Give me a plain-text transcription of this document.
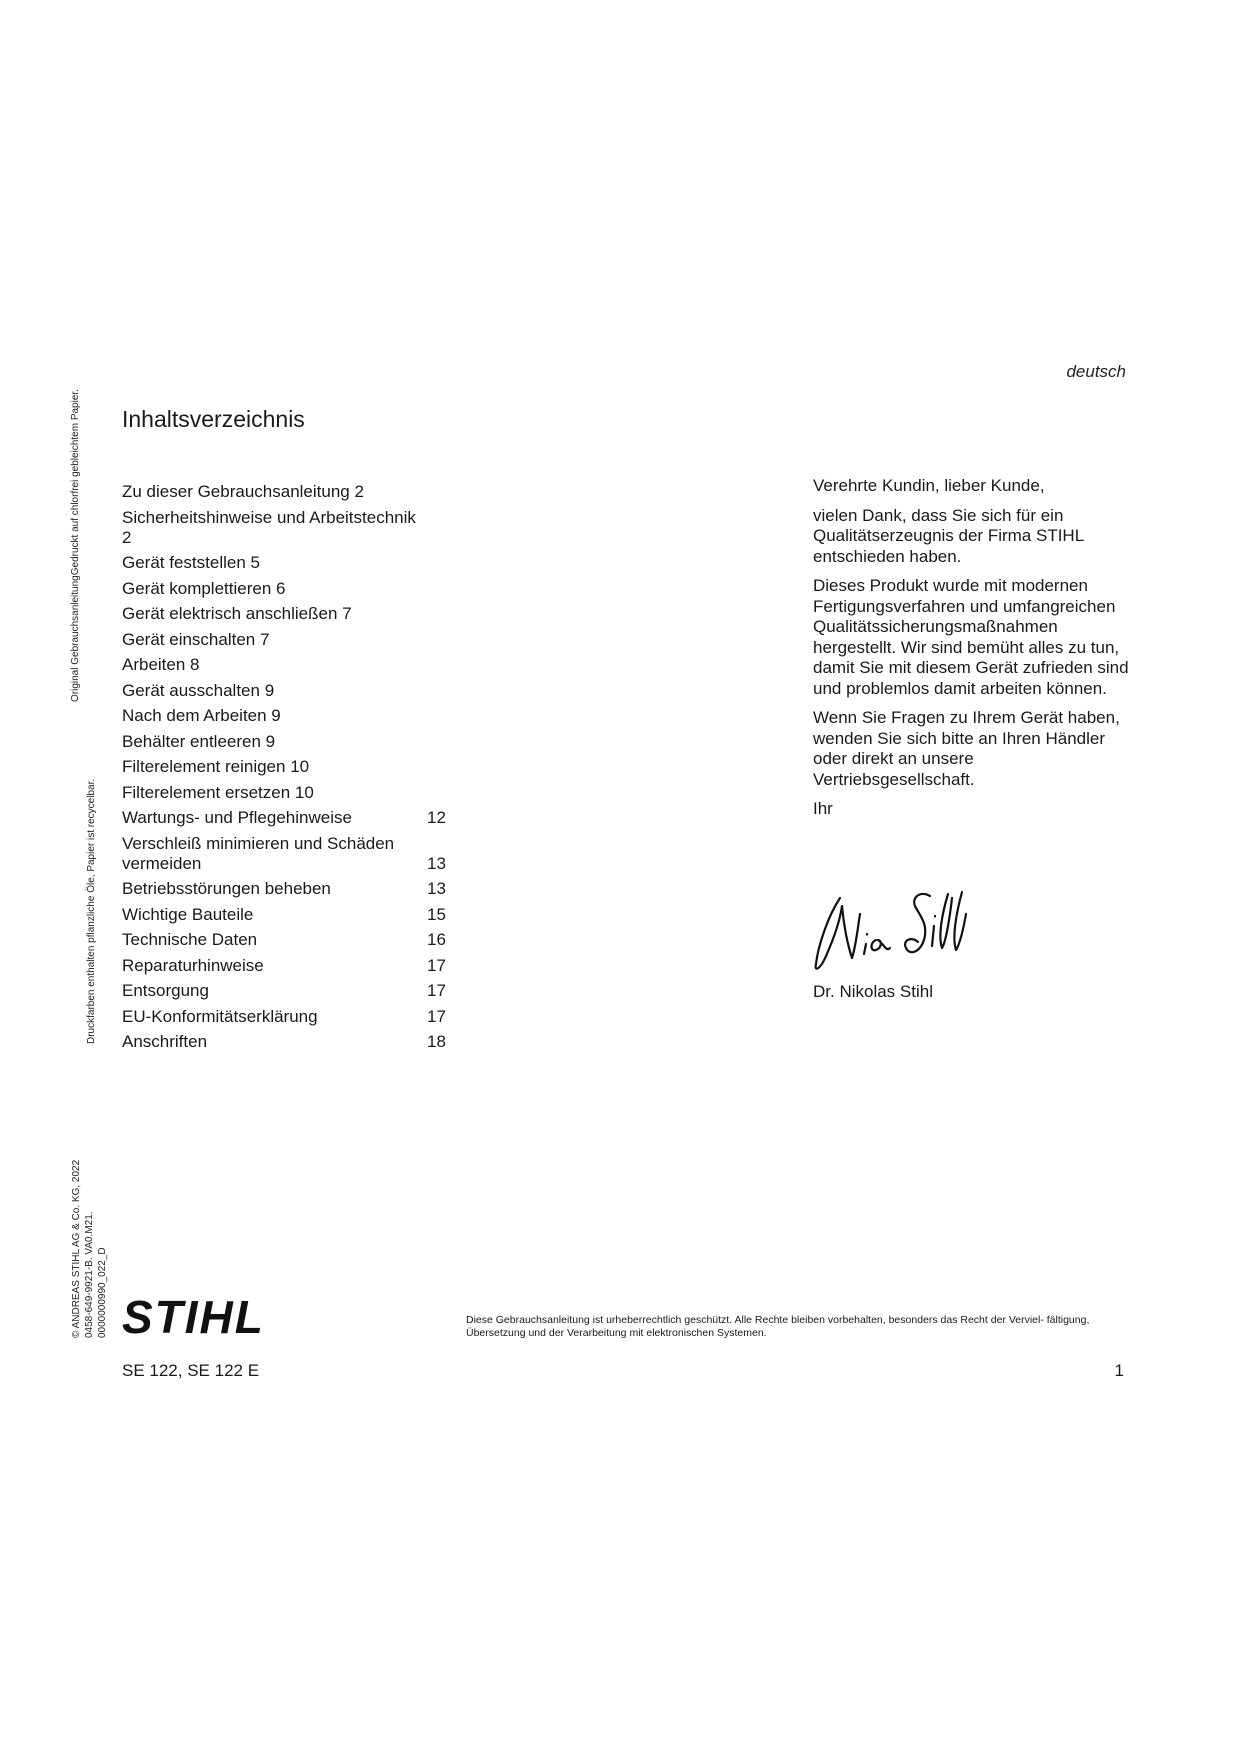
Original GebrauchsanleitungGedruckt auf chlorfrei gebleichtem Papier.
Druckfarben enthalten pflanzliche Öle, Papier ist recycelbar.
© ANDREAS STIHL AG & Co. KG, 2022 0458-649-9921-B. VA0.M21. 0000000990_022_D
deutsch
Inhaltsverzeichnis
Zu dieser Gebrauchsanleitung 2
Sicherheitshinweise und Arbeitstechnik 2
Gerät feststellen 5
Gerät komplettieren 6
Gerät elektrisch anschließen 7
Gerät einschalten 7
Arbeiten 8
Gerät ausschalten 9
Nach dem Arbeiten 9
Behälter entleeren 9
Filterelement reinigen 10
Filterelement ersetzen 10
Wartungs- und Pflegehinweise	12
Verschleiß minimieren und Schäden vermeiden	13
Betriebsstörungen beheben	13
Wichtige Bauteile	15
Technische Daten	16
Reparaturhinweise	17
Entsorgung	17
EU-Konformitätserklärung	17
Anschriften	18

Verehrte Kundin, lieber Kunde,

vielen Dank, dass Sie sich für ein Qualitätserzeugnis der Firma STIHL entschieden haben.

Dieses Produkt wurde mit modernen Fertigungsverfahren und umfangreichen Qualitätssicherungsmaßnahmen hergestellt. Wir sind bemüht alles zu tun, damit Sie mit diesem Gerät zufrieden sind und problemlos damit arbeiten können.

Wenn Sie Fragen zu Ihrem Gerät haben, wenden Sie sich bitte an Ihren Händler oder direkt an unsere Vertriebsgesellschaft.

Ihr

Dr. Nikolas Stihl
STIHL	Diese Gebrauchsanleitung ist urheberrechtlich geschützt. Alle Rechte bleiben vorbehalten, besonders das Recht der Verviel- fältigung, Übersetzung und der Verarbeitung mit elektronischen Systemen.
SE 122, SE 122 E	1
